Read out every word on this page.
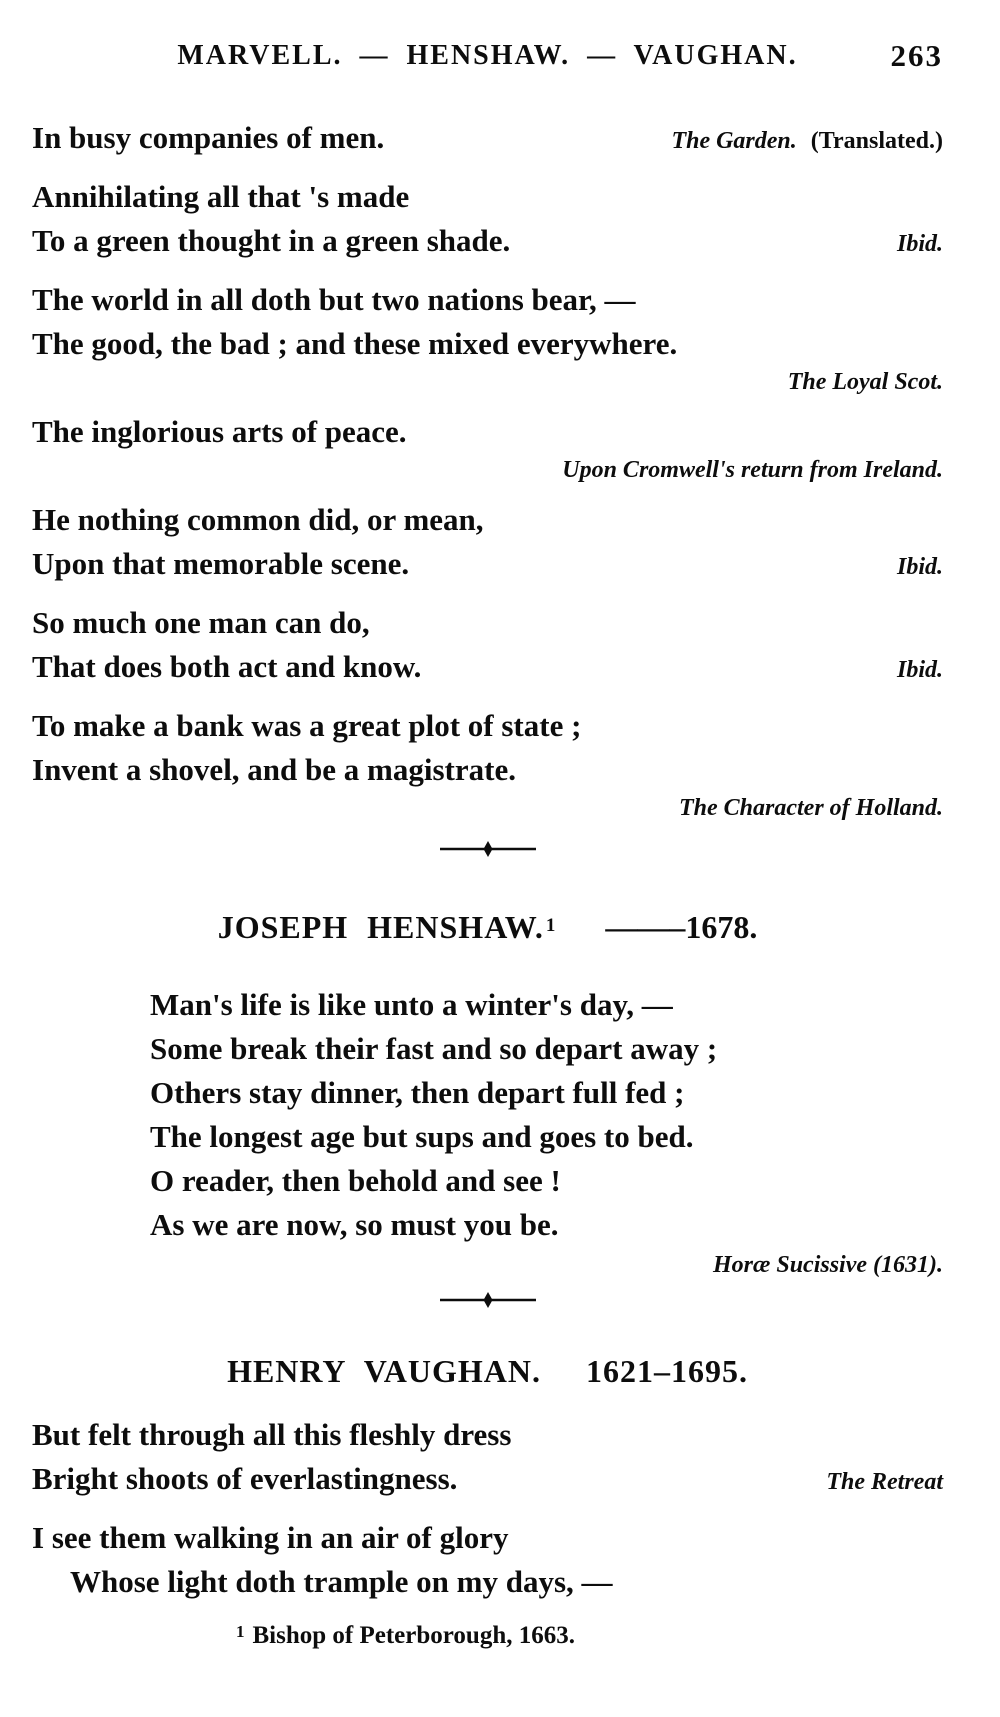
MARVELL. — HENSHAW. — VAUGHAN.	263
In busy companies of men.	The Garden. (Translated.)
Annihilating all that 's made
To a green thought in a green shade.	Ibid.
The world in all doth but two nations bear, —
The good, the bad ; and these mixed everywhere.
The Loyal Scot.
The inglorious arts of peace.
Upon Cromwell's return from Ireland.
He nothing common did, or mean,
Upon that memorable scene.	Ibid.
So much one man can do,
That does both act and know.	Ibid.
To make a bank was a great plot of state ;
Invent a shovel, and be a magistrate.
The Character of Holland.
JOSEPH HENSHAW. $^1$ ——–1678.
Man's life is like unto a winter's day, —
Some break their fast and so depart away ;
Others stay dinner, then depart full fed ;
The longest age but sups and goes to bed.
O reader, then behold and see !
As we are now, so must you be.
Horæ Sucissive (1631).
HENRY VAUGHAN. 1621–1695.
But felt through all this fleshly dress
Bright shoots of everlastingness.	The Retreat
I see them walking in an air of glory
Whose light doth trample on my days, —
$^1$ Bishop of Peterborough, 1663.
